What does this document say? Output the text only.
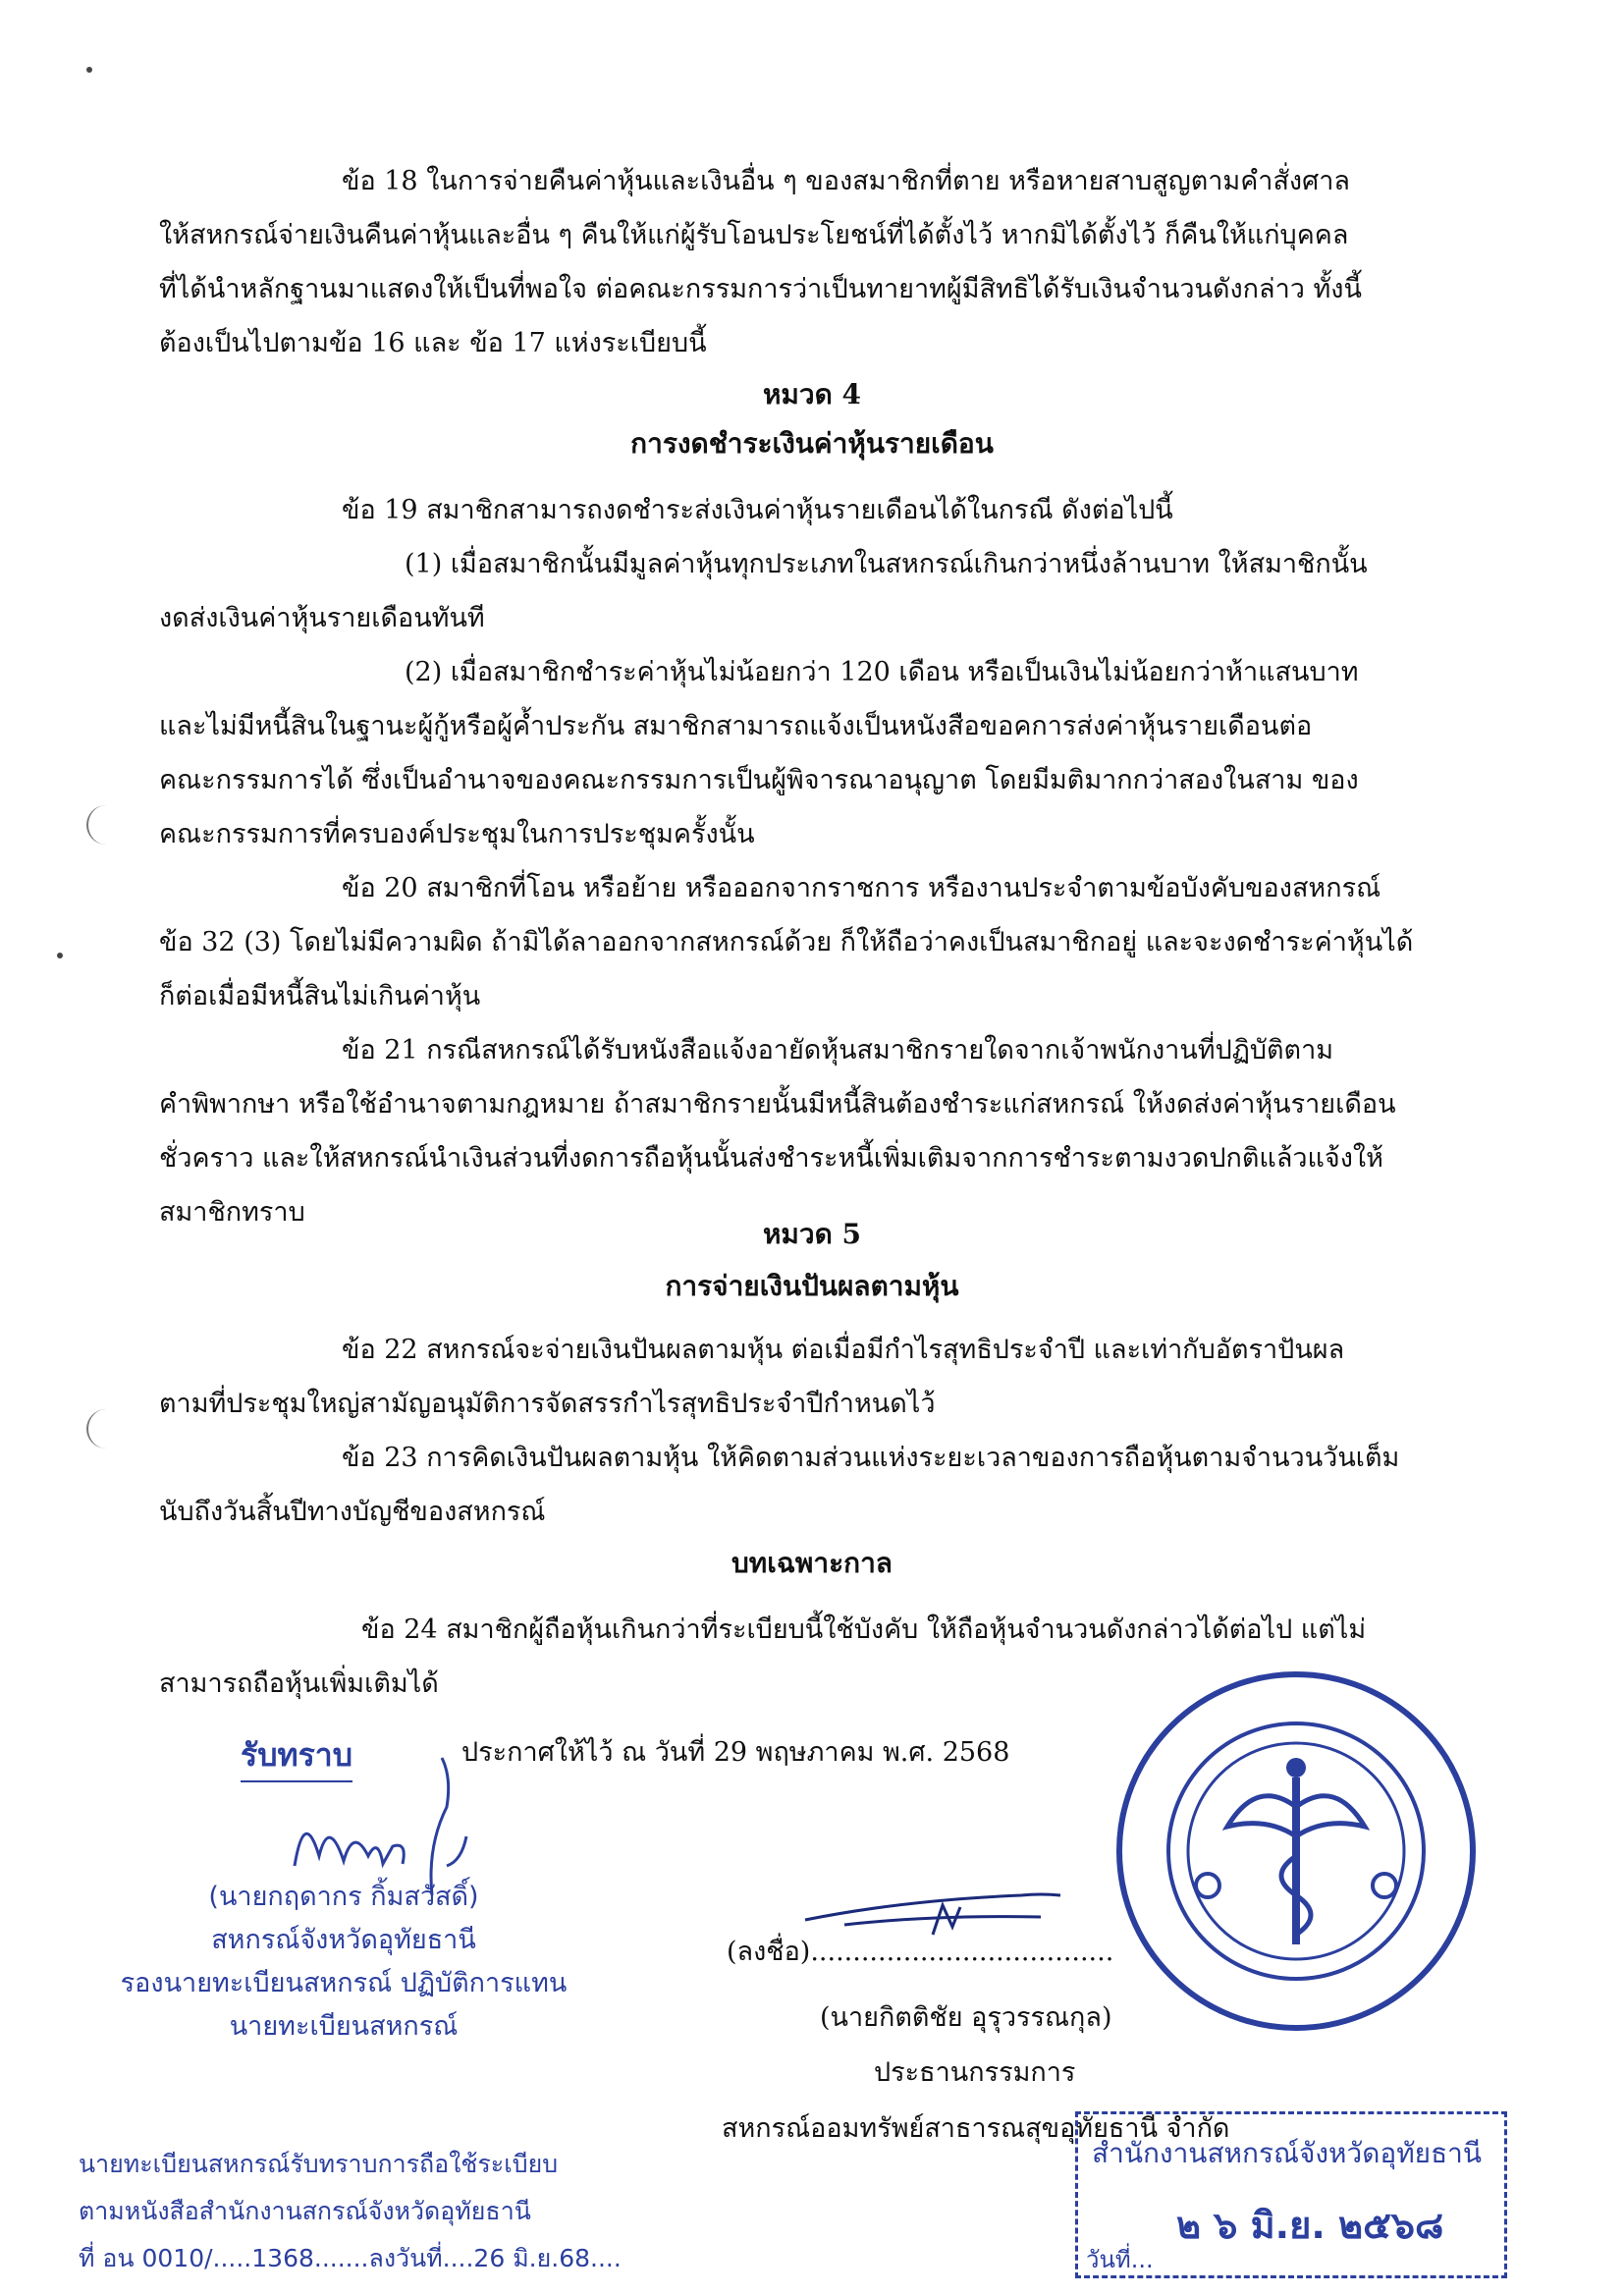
ข้อ 18 ในการจ่ายคืนค่าหุ้นและเงินอื่น ๆ ของสมาชิกที่ตาย หรือหายสาบสูญตามคำสั่งศาล
ให้สหกรณ์จ่ายเงินคืนค่าหุ้นและอื่น ๆ คืนให้แก่ผู้รับโอนประโยชน์ที่ได้ตั้งไว้ หากมิได้ตั้งไว้ ก็คืนให้แก่บุคคล
ที่ได้นำหลักฐานมาแสดงให้เป็นที่พอใจ ต่อคณะกรรมการว่าเป็นทายาทผู้มีสิทธิได้รับเงินจำนวนดังกล่าว ทั้งนี้
ต้องเป็นไปตามข้อ 16 และ ข้อ 17 แห่งระเบียบนี้
หมวด 4
การงดชำระเงินค่าหุ้นรายเดือน
ข้อ 19 สมาชิกสามารถงดชำระส่งเงินค่าหุ้นรายเดือนได้ในกรณี ดังต่อไปนี้
(1) เมื่อสมาชิกนั้นมีมูลค่าหุ้นทุกประเภทในสหกรณ์เกินกว่าหนึ่งล้านบาท ให้สมาชิกนั้น
งดส่งเงินค่าหุ้นรายเดือนทันที
(2) เมื่อสมาชิกชำระค่าหุ้นไม่น้อยกว่า 120 เดือน หรือเป็นเงินไม่น้อยกว่าห้าแสนบาท
และไม่มีหนี้สินในฐานะผู้กู้หรือผู้ค้ำประกัน สมาชิกสามารถแจ้งเป็นหนังสือขอคการส่งค่าหุ้นรายเดือนต่อ
คณะกรรมการได้ ซึ่งเป็นอำนาจของคณะกรรมการเป็นผู้พิจารณาอนุญาต โดยมีมติมากกว่าสองในสาม ของ
คณะกรรมการที่ครบองค์ประชุมในการประชุมครั้งนั้น
ข้อ 20 สมาชิกที่โอน หรือย้าย หรือออกจากราชการ หรืองานประจำตามข้อบังคับของสหกรณ์
ข้อ 32 (3) โดยไม่มีความผิด ถ้ามิได้ลาออกจากสหกรณ์ด้วย ก็ให้ถือว่าคงเป็นสมาชิกอยู่ และจะงดชำระค่าหุ้นได้
ก็ต่อเมื่อมีหนี้สินไม่เกินค่าหุ้น
ข้อ 21 กรณีสหกรณ์ได้รับหนังสือแจ้งอายัดหุ้นสมาชิกรายใดจากเจ้าพนักงานที่ปฏิบัติตาม
คำพิพากษา หรือใช้อำนาจตามกฎหมาย ถ้าสมาชิกรายนั้นมีหนี้สินต้องชำระแก่สหกรณ์ ให้งดส่งค่าหุ้นรายเดือน
ชั่วคราว และให้สหกรณ์นำเงินส่วนที่งดการถือหุ้นนั้นส่งชำระหนี้เพิ่มเติมจากการชำระตามงวดปกติแล้วแจ้งให้
สมาชิกทราบ
หมวด 5
การจ่ายเงินปันผลตามหุ้น
ข้อ 22 สหกรณ์จะจ่ายเงินปันผลตามหุ้น ต่อเมื่อมีกำไรสุทธิประจำปี และเท่ากับอัตราปันผล
ตามที่ประชุมใหญ่สามัญอนุมัติการจัดสรรกำไรสุทธิประจำปีกำหนดไว้
ข้อ 23 การคิดเงินปันผลตามหุ้น ให้คิดตามส่วนแห่งระยะเวลาของการถือหุ้นตามจำนวนวันเต็ม
นับถึงวันสิ้นปีทางบัญชีของสหกรณ์
บทเฉพาะกาล
ข้อ 24 สมาชิกผู้ถือหุ้นเกินกว่าที่ระเบียบนี้ใช้บังคับ ให้ถือหุ้นจำนวนดังกล่าวได้ต่อไป แต่ไม่
สามารถถือหุ้นเพิ่มเติมได้
ประกาศให้ไว้ ณ วันที่ 29 พฤษภาคม พ.ศ. 2568
รับทราบ
(นายกฤดากร กิ้มสวัสดิ์)
สหกรณ์จังหวัดอุทัยธานี
รองนายทะเบียนสหกรณ์ ปฏิบัติการแทน
นายทะเบียนสหกรณ์
นายทะเบียนสหกรณ์รับทราบการถือใช้ระเบียบ
ตามหนังสือสำนักงานสกรณ์จังหวัดอุทัยธานี
ที่ อน 0010/.....1368.......ลงวันที่....26 มิ.ย.68....
(ลงชื่อ)....................................
(นายกิตติชัย อุรุวรรณกุล)
ประธานกรรมการ
สหกรณ์ออมทรัพย์สาธารณสุขอุทัยธานี จำกัด
สำนักงานสหกรณ์จังหวัดอุทัยธานี
๒ ๖ มิ.ย. ๒๕๖๘
วันที่...
